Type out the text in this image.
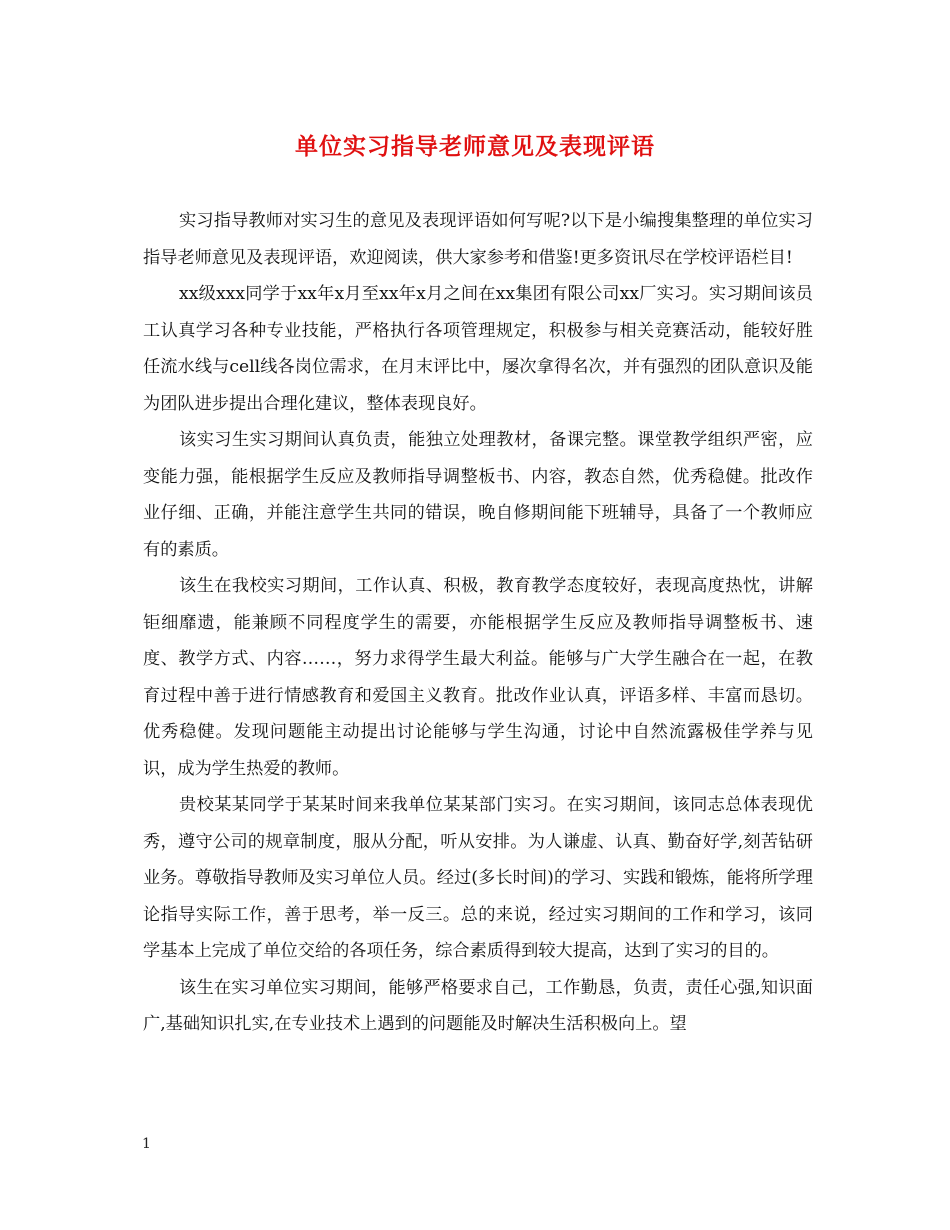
单位实习指导老师意见及表现评语

实习指导教师对实习生的意见及表现评语如何写呢?以下是小编搜集整理的单位实习指导老师意见及表现评语，欢迎阅读，供大家参考和借鉴!更多资讯尽在学校评语栏目!

xx级xxx同学于xx年x月至xx年x月之间在xx集团有限公司xx厂实习。实习期间该员工认真学习各种专业技能，严格执行各项管理规定，积极参与相关竞赛活动，能较好胜任流水线与cell线各岗位需求，在月末评比中，屡次拿得名次，并有强烈的团队意识及能为团队进步提出合理化建议，整体表现良好。

该实习生实习期间认真负责，能独立处理教材，备课完整。课堂教学组织严密，应变能力强，能根据学生反应及教师指导调整板书、内容，教态自然，优秀稳健。批改作业仔细、正确，并能注意学生共同的错误，晚自修期间能下班辅导，具备了一个教师应有的素质。

该生在我校实习期间，工作认真、积极，教育教学态度较好，表现高度热忱，讲解钜细靡遗，能兼顾不同程度学生的需要，亦能根据学生反应及教师指导调整板书、速度、教学方式、内容……，努力求得学生最大利益。能够与广大学生融合在一起，在教育过程中善于进行情感教育和爱国主义教育。批改作业认真，评语多样、丰富而恳切。优秀稳健。发现问题能主动提出讨论能够与学生沟通，讨论中自然流露极佳学养与见识，成为学生热爱的教师。

贵校某某同学于某某时间来我单位某某部门实习。在实习期间，该同志总体表现优秀，遵守公司的规章制度，服从分配，听从安排。为人谦虚、认真、勤奋好学,刻苦钻研业务。尊敬指导教师及实习单位人员。经过(多长时间)的学习、实践和锻炼，能将所学理论指导实际工作，善于思考，举一反三。总的来说，经过实习期间的工作和学习，该同学基本上完成了单位交给的各项任务，综合素质得到较大提高，达到了实习的目的。

该生在实习单位实习期间，能够严格要求自己，工作勤恳，负责，责任心强,知识面广,基础知识扎实,在专业技术上遇到的问题能及时解决生活积极向上。望

1
